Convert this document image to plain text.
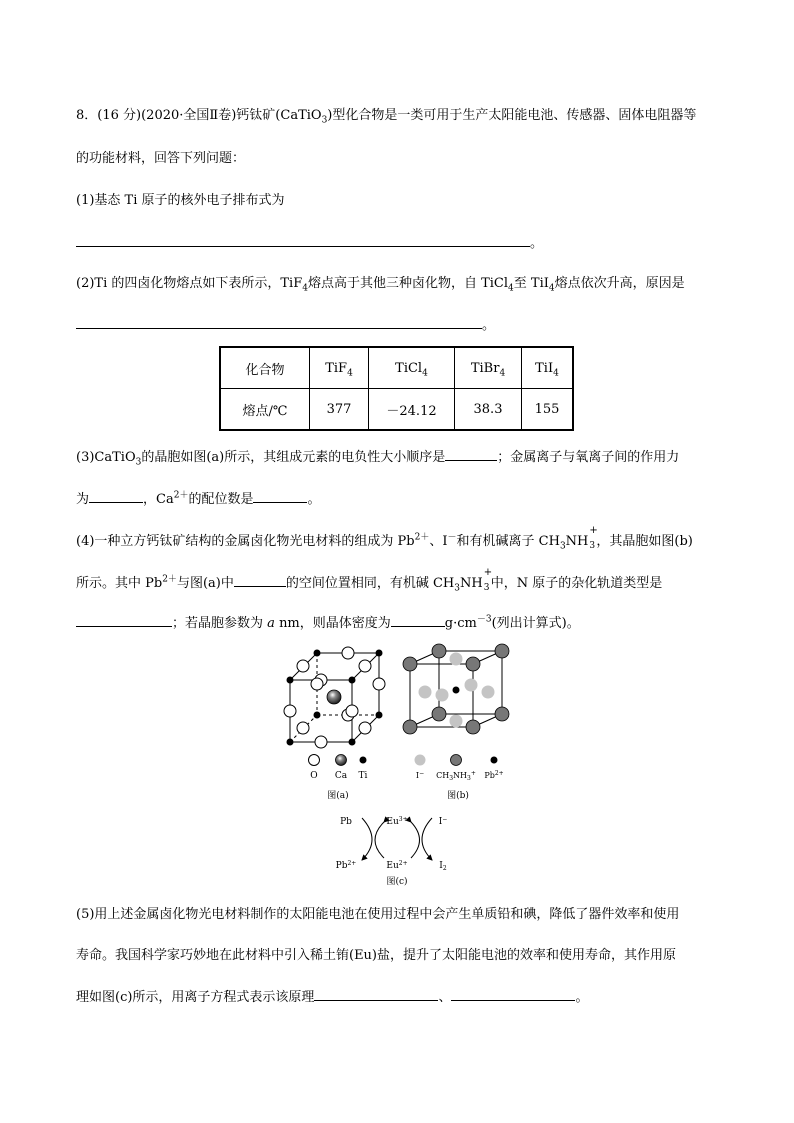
8．(16 分)(2020·全国Ⅱ卷)钙钛矿(CaTiO$_3$)型化合物是一类可用于生产太阳能电池、传感器、固体电阻器等
的功能材料，回答下列问题：
(1)基态 Ti 原子的核外电子排布式为
。
(2)Ti 的四卤化物熔点如下表所示，TiF$_4$熔点高于其他三种卤化物，自 TiCl$_4$至 TiI$_4$熔点依次升高，原因是
。
化合物	TiF$_4$	TiCl$_4$	TiBr$_4$	TiI$_4$
熔点/℃	377	－24.12	38.3	155
(3)CaTiO$_3$的晶胞如图(a)所示，其组成元素的电负性大小顺序是	；金属离子与氧离子间的作用力
为	，$Ca^{2+}$的配位数是	。
(4)一种立方钙钛矿结构的金属卤化物光电材料的组成为 $Pb^{2+}$、I－和有机碱离子 $CH_3NH$
+
3 ，其晶胞如图(b)
所示。其中 $Pb^{2+}$与图(a)中	的空间位置相同，有机碱 $CH_3NH$
+
3 中，N 原子的杂化轨道类型是
；若晶胞参数为 a nm，则晶体密度为	$g\cdot cm^{-3}$(列出计算式)。
O Ca Ti
图(a)
I− $CH_3NH_3^+$ $Pb^{2+}$
图(b)
Pb
$Pb^{2+}$
$Eu^{3+}$
$Eu^{2+}$
I−
$I_2$
图(c)
(5)用上述金属卤化物光电材料制作的太阳能电池在使用过程中会产生单质铅和碘，降低了器件效率和使用
寿命。我国科学家巧妙地在此材料中引入稀土铕(Eu)盐，提升了太阳能电池的效率和使用寿命，其作用原
理如图(c)所示，用离子方程式表示该原理	、	。
